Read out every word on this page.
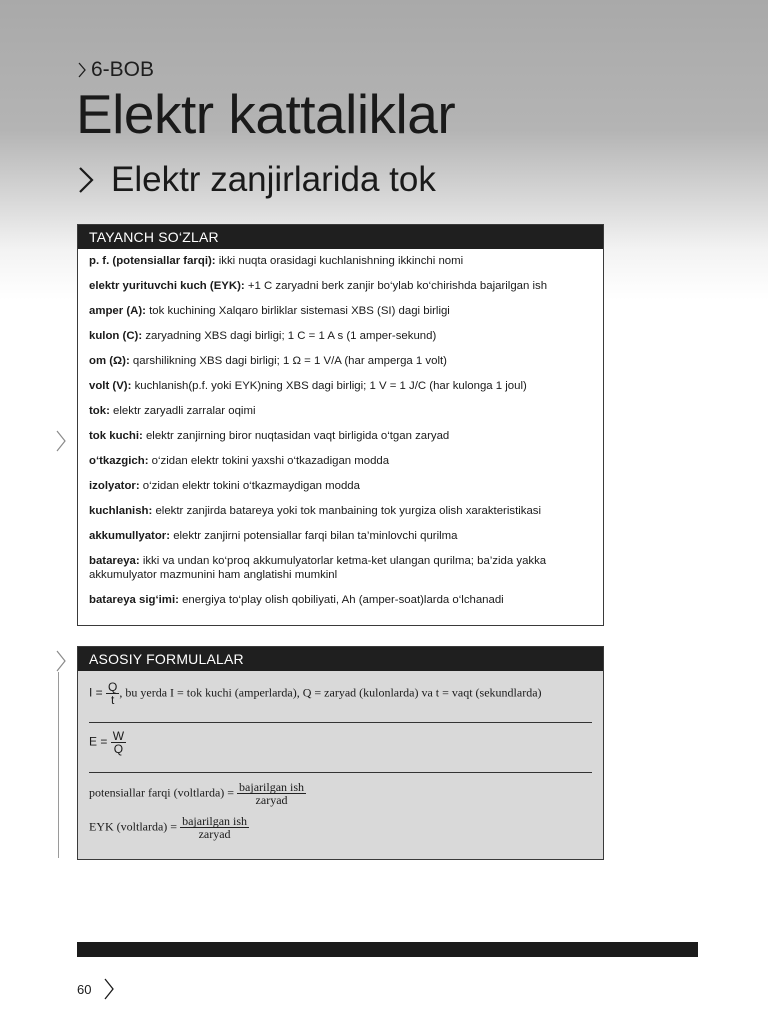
6-BOB
Elektr kattaliklar
Elektr zanjirlarida tok
TAYANCH SO‘ZLAR

p. f. (potensiallar farqi): ikki nuqta orasidagi kuchlanishning ikkinchi nomi

elektr yurituvchi kuch (EYK): +1 C zaryadni berk zanjir bo‘ylab ko‘chirishda bajarilgan ish

amper (A): tok kuchining Xalqaro birliklar sistemasi XBS (SI) dagi birligi

kulon (C): zaryadning XBS dagi birligi; 1 C = 1 A s (1 amper-sekund)

om (Ω): qarshilikning XBS dagi birligi; 1 Ω = 1 V/A (har amperga 1 volt)

volt (V): kuchlanish(p.f. yoki EYK)ning XBS dagi birligi; 1 V = 1 J/C (har kulonga 1 joul)

tok: elektr zaryadli zarralar oqimi

tok kuchi: elektr zanjirning biror nuqtasidan vaqt birligida o‘tgan zaryad

o‘tkazgich: o‘zidan elektr tokini yaxshi o‘tkazadigan modda

izolyator: o‘zidan elektr tokini o‘tkazmaydigan modda

kuchlanish: elektr zanjirda batareya yoki tok manbaining tok yurgiza olish xarakteristikasi

akkumullyator: elektr zanjirni potensiallar farqi bilan ta’minlovchi qurilma

batareya: ikki va undan ko‘proq akkumulyatorlar ketma-ket ulangan qurilma; ba’zida yakka akkumulyator mazmunini ham anglatishi mumkinl

batareya sig‘imi: energiya to‘play olish qobiliyati, Ah (amper-soat)larda o‘lchanadi

ASOSIY FORMULALAR
$I = \frac{Q}{t}$ , bu yerda I = tok kuchi (amperlarda), Q = zaryad (kulonlarda) va t = vaqt (sekundlarda)
$E = \frac{W}{Q}$
potensiallar farqi (voltlarda) = $\frac{\text{bajarilgan ish}}{\text{zaryad}}$
EYK (voltlarda) = $\frac{\text{bajarilgan ish}}{\text{zaryad}}$
60
